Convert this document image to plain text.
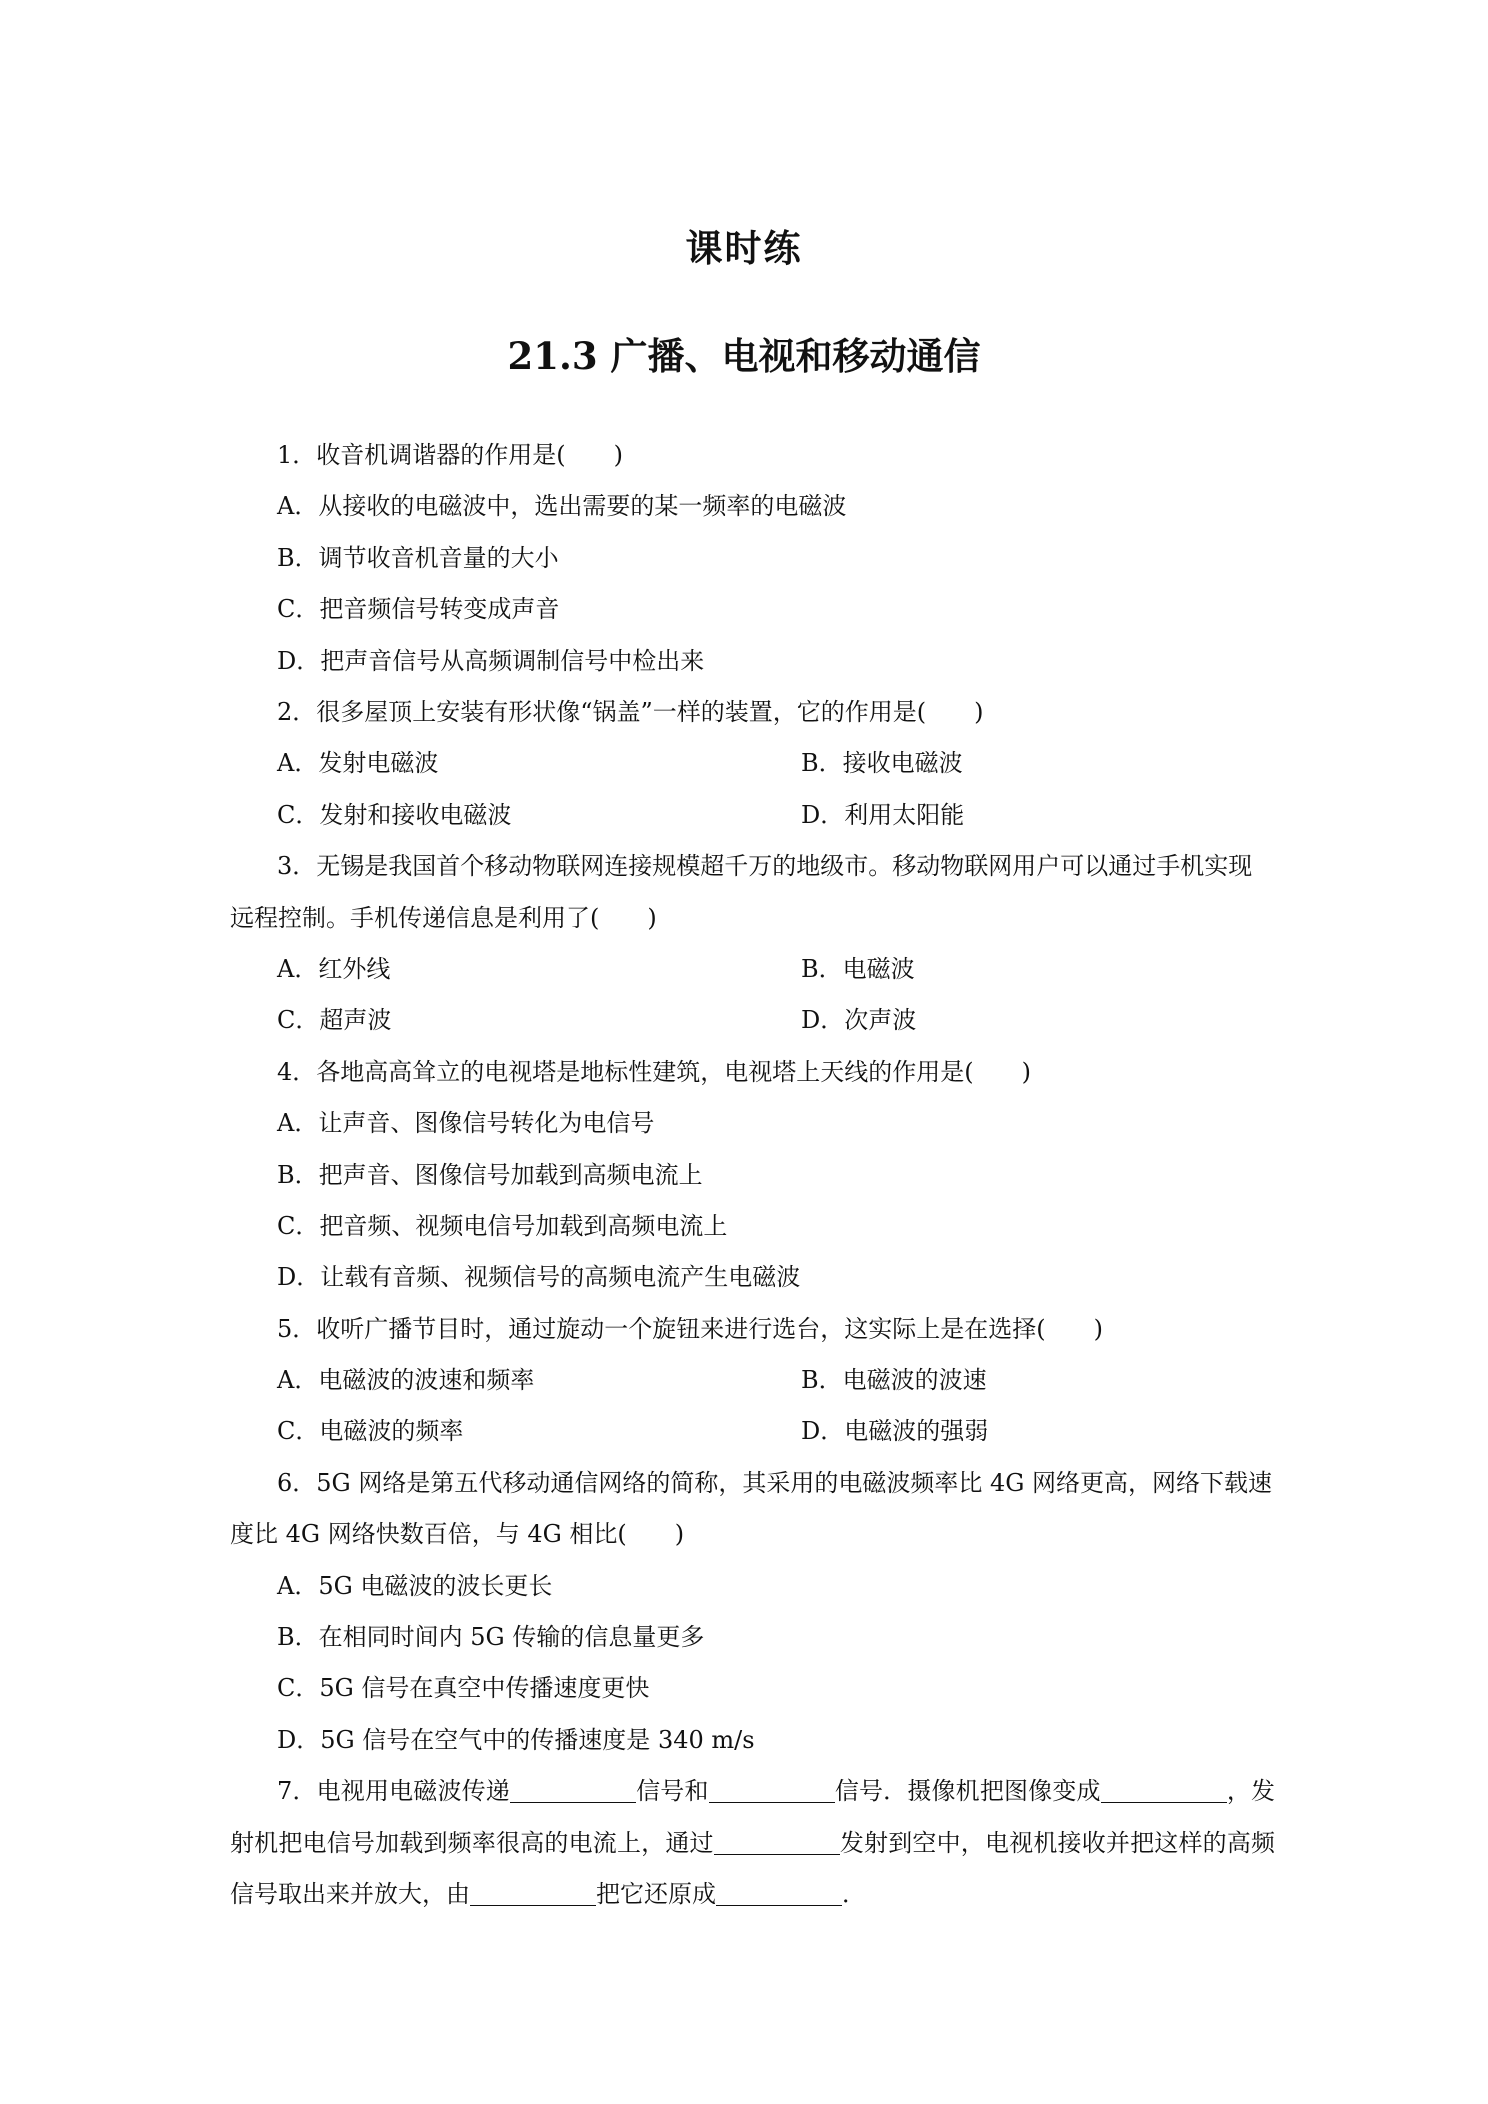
课时练
21.3 广播、电视和移动通信
1．收音机调谐器的作用是(　　)
A．从接收的电磁波中，选出需要的某一频率的电磁波
B．调节收音机音量的大小
C．把音频信号转变成声音
D．把声音信号从高频调制信号中检出来
2．很多屋顶上安装有形状像“锅盖”一样的装置，它的作用是(　　)
A．发射电磁波	B．接收电磁波
C．发射和接收电磁波	D．利用太阳能
3．无锡是我国首个移动物联网连接规模超千万的地级市。移动物联网用户可以通过手机实现远程控制。手机传递信息是利用了(　　)
A．红外线	B．电磁波
C．超声波	D．次声波
4．各地高高耸立的电视塔是地标性建筑，电视塔上天线的作用是(　　)
A．让声音、图像信号转化为电信号
B．把声音、图像信号加载到高频电流上
C．把音频、视频电信号加载到高频电流上
D．让载有音频、视频信号的高频电流产生电磁波
5．收听广播节目时，通过旋动一个旋钮来进行选台，这实际上是在选择(　　)
A．电磁波的波速和频率	B．电磁波的波速
C．电磁波的频率	D．电磁波的强弱
6．5G 网络是第五代移动通信网络的简称，其采用的电磁波频率比 4G 网络更高，网络下载速度比 4G 网络快数百倍，与 4G 相比(　　)
A．5G 电磁波的波长更长
B．在相同时间内 5G 传输的信息量更多
C．5G 信号在真空中传播速度更快
D．5G 信号在空气中的传播速度是 340 m/s
7．电视用电磁波传递	信号和	信号．摄像机把图像变成	，发射机把电信号加载到频率很高的电流上，通过	发射到空中，电视机接收并把这样的高频信号取出来并放大，由	把它还原成	．
